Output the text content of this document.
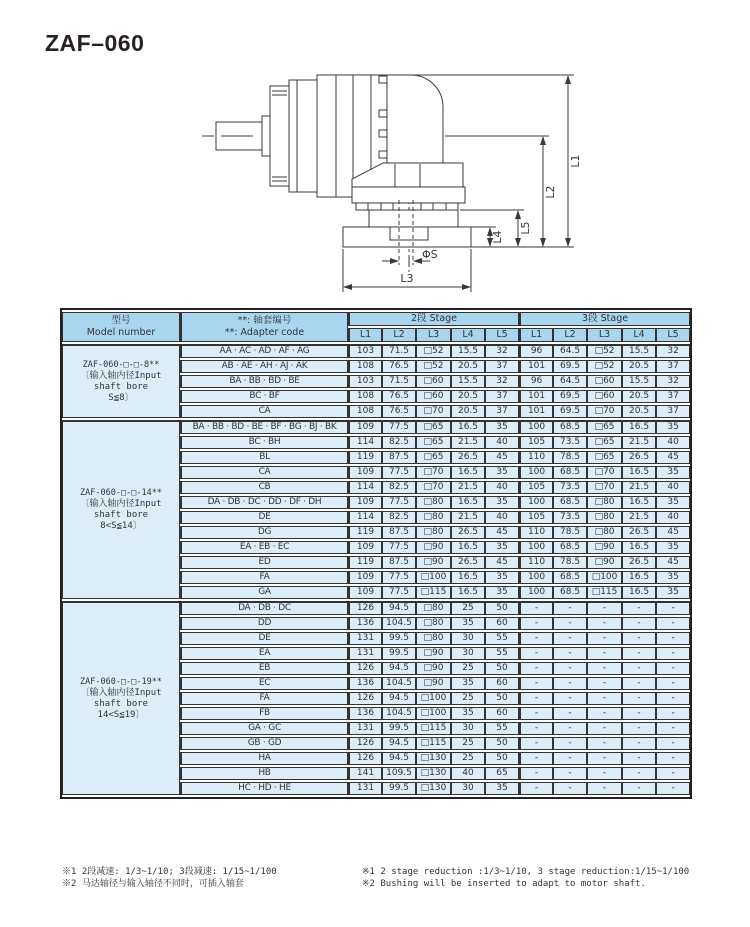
ZAF–060
L1
L2
L5
L4
L3
ΦS
型号
Model number

**: 轴套编号
**: Adapter code
	2段 Stage	3段 Stage
		L1	L2	L3	L4	L5	L1	L2	L3	L4	L5

ZAF-060-□-□-8**
〔输入轴内径Input
shaft bore
S≦8〕	AA · AC · AD · AF · AG	103	71.5	□52	15.5	32	96	64.5	□52	15.5	32
	AB · AE · AH · AJ · AK	108	76.5	□52	20.5	37	101	69.5	□52	20.5	37
	BA · BB · BD · BE	103	71.5	□60	15.5	32	96	64.5	□60	15.5	32
	BC · BF	108	76.5	□60	20.5	37	101	69.5	□60	20.5	37
	CA	108	76.5	□70	20.5	37	101	69.5	□70	20.5	37

ZAF-060-□-□-14**
〔输入轴内径Input
shaft bore
8<S≦14〕	BA · BB · BD · BE · BF · BG · BJ · BK	109	77.5	□65	16.5	35	100	68.5	□65	16.5	35
	BC · BH	114	82.5	□65	21.5	40	105	73.5	□65	21.5	40
	BL	119	87.5	□65	26.5	45	110	78.5	□65	26.5	45
	CA	109	77.5	□70	16.5	35	100	68.5	□70	16.5	35
	CB	114	82.5	□70	21.5	40	105	73.5	□70	21.5	40
	DA · DB · DC · DD · DF · DH	109	77.5	□80	16.5	35	100	68.5	□80	16.5	35
	DE	114	82.5	□80	21.5	40	105	73.5	□80	21.5	40
	DG	119	87.5	□80	26.5	45	110	78.5	□80	26.5	45
	EA · EB · EC	109	77.5	□90	16.5	35	100	68.5	□90	16.5	35
	ED	119	87.5	□90	26.5	45	110	78.5	□90	26.5	45
	FA	109	77.5	□100	16.5	35	100	68.5	□100	16.5	35
	GA	109	77.5	□115	16.5	35	100	68.5	□115	16.5	35

ZAF-060-□-□-19**
〔输入轴内径Input
shaft bore
14<S≦19〕	DA · DB · DC	126	94.5	□80	25	50	-	-	-	-	-
	DD	136	104.5	□80	35	60	-	-	-	-	-
	DE	131	99.5	□80	30	55	-	-	-	-	-
	EA	131	99.5	□90	30	55	-	-	-	-	-
	EB	126	94.5	□90	25	50	-	-	-	-	-
	EC	136	104.5	□90	35	60	-	-	-	-	-
	FA	126	94.5	□100	25	50	-	-	-	-	-
	FB	136	104.5	□100	35	60	-	-	-	-	-
	GA · GC	131	99.5	□115	30	55	-	-	-	-	-
	GB · GD	126	94.5	□115	25	50	-	-	-	-	-
	HA	126	94.5	□130	25	50	-	-	-	-	-
	HB	141	109.5	□130	40	65	-	-	-	-	-
	HC · HD · HE	131	99.5	□130	30	35	-	-	-	-	-
※1 2段减速: 1/3~1/10; 3段减速: 1/15~1/100
※2 马达轴径与输入轴径不同时，可插入轴套
※1 2 stage reduction :1/3~1/10, 3 stage reduction:1/15~1/100
※2 Bushing will be inserted to adapt to motor shaft.
